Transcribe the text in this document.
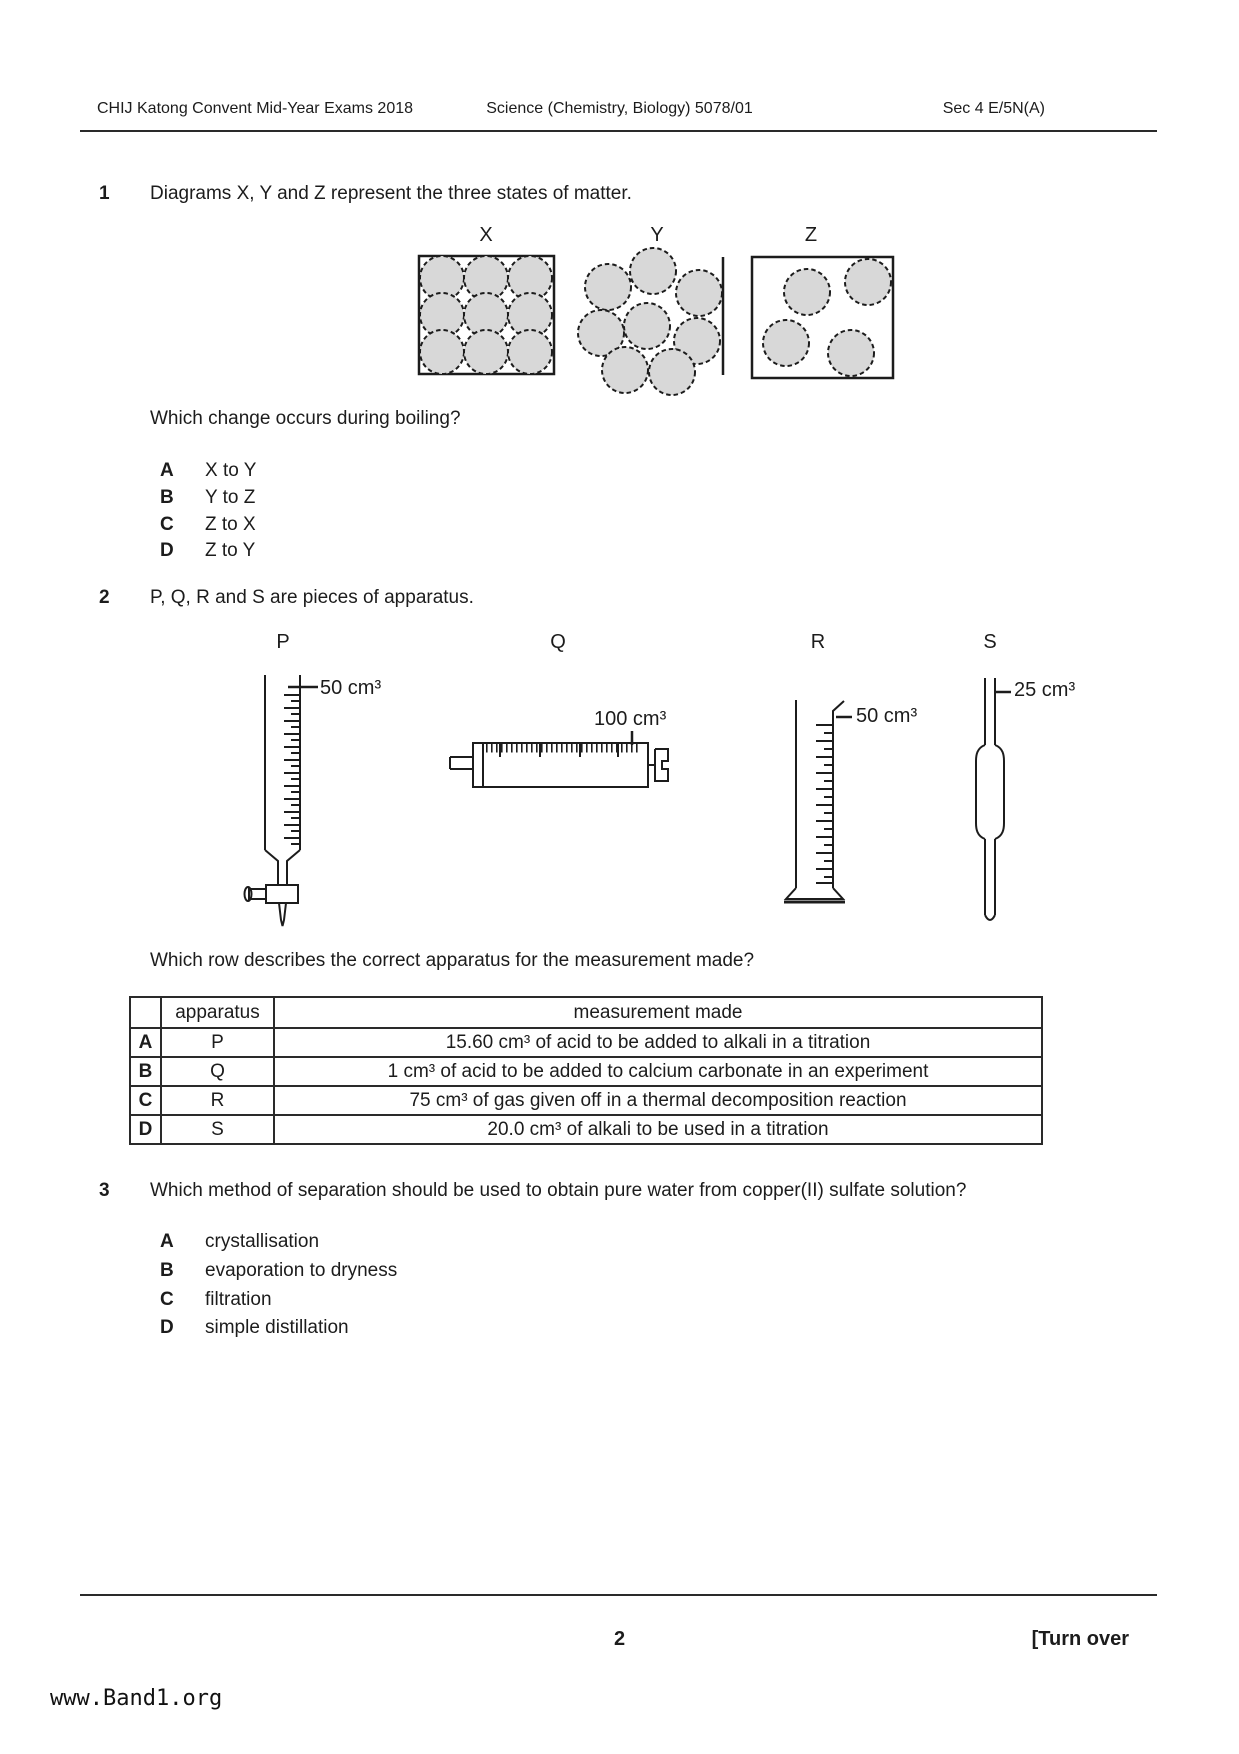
CHIJ Katong Convent Mid-Year Exams 2018	Science (Chemistry, Biology) 5078/01	Sec 4 E/5N(A)
1 Diagrams X, Y and Z represent the three states of matter.
X	Y	Z
Which change occurs during boiling?
A X to Y
B Y to Z
C Z to X
D Z to Y
2 P, Q, R and S are pieces of apparatus.
P	Q	R	S
50 cm³
100 cm³	50 cm³
25 cm³
Which row describes the correct apparatus for the measurement made?
	apparatus	measurement made
A	P	15.60 cm³ of acid to be added to alkali in a titration
B	Q	1 cm³ of acid to be added to calcium carbonate in an experiment
C	R	75 cm³ of gas given off in a thermal decomposition reaction
D	S	20.0 cm³ of alkali to be used in a titration
3 Which method of separation should be used to obtain pure water from copper(II) sulfate solution?
A crystallisation
B evaporation to dryness
C filtration
D simple distillation
2	[Turn over
www.Band1.org
